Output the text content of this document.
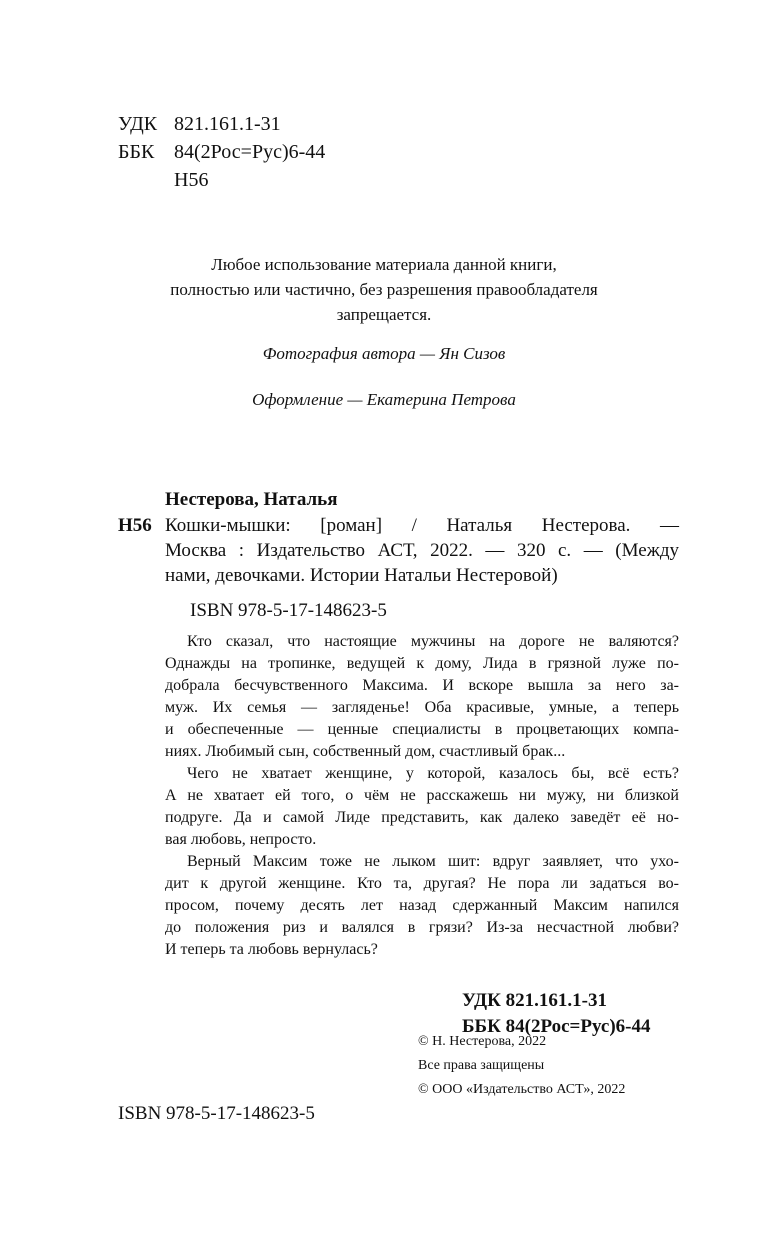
УДК 821.161.1-31
ББК 84(2Рос=Рус)6-44
Н56
Любое использование материала данной книги,
полностью или частично, без разрешения правообладателя
запрещается.
Фотография автора — Ян Сизов
Оформление — Екатерина Петрова
Нестерова, Наталья
Н56 Кошки-мышки: [роман] / Наталья Нестерова. —
Москва : Издательство АСТ, 2022. — 320 с. — (Между
нами, девочками. Истории Натальи Нестеровой)
ISBN 978-5-17-148623-5
Кто сказал, что настоящие мужчины на дороге не валяются?
Однажды на тропинке, ведущей к дому, Лида в грязной луже по-
добрала бесчувственного Максима. И вскоре вышла за него за-
муж. Их семья — загляденье! Оба красивые, умные, а теперь
и обеспеченные — ценные специалисты в процветающих компа-
ниях. Любимый сын, собственный дом, счастливый брак...
Чего не хватает женщине, у которой, казалось бы, всё есть?
А не хватает ей того, о чём не расскажешь ни мужу, ни близкой
подруге. Да и самой Лиде представить, как далеко заведёт её но-
вая любовь, непросто.
Верный Максим тоже не лыком шит: вдруг заявляет, что ухо-
дит к другой женщине. Кто та, другая? Не пора ли задаться во-
просом, почему десять лет назад сдержанный Максим напился
до положения риз и валялся в грязи? Из-за несчастной любви?
И теперь та любовь вернулась?
УДК 821.161.1-31
ББК 84(2Рос=Рус)6-44
© Н. Нестерова, 2022
Все права защищены
© ООО «Издательство АСТ», 2022
ISBN 978-5-17-148623-5
